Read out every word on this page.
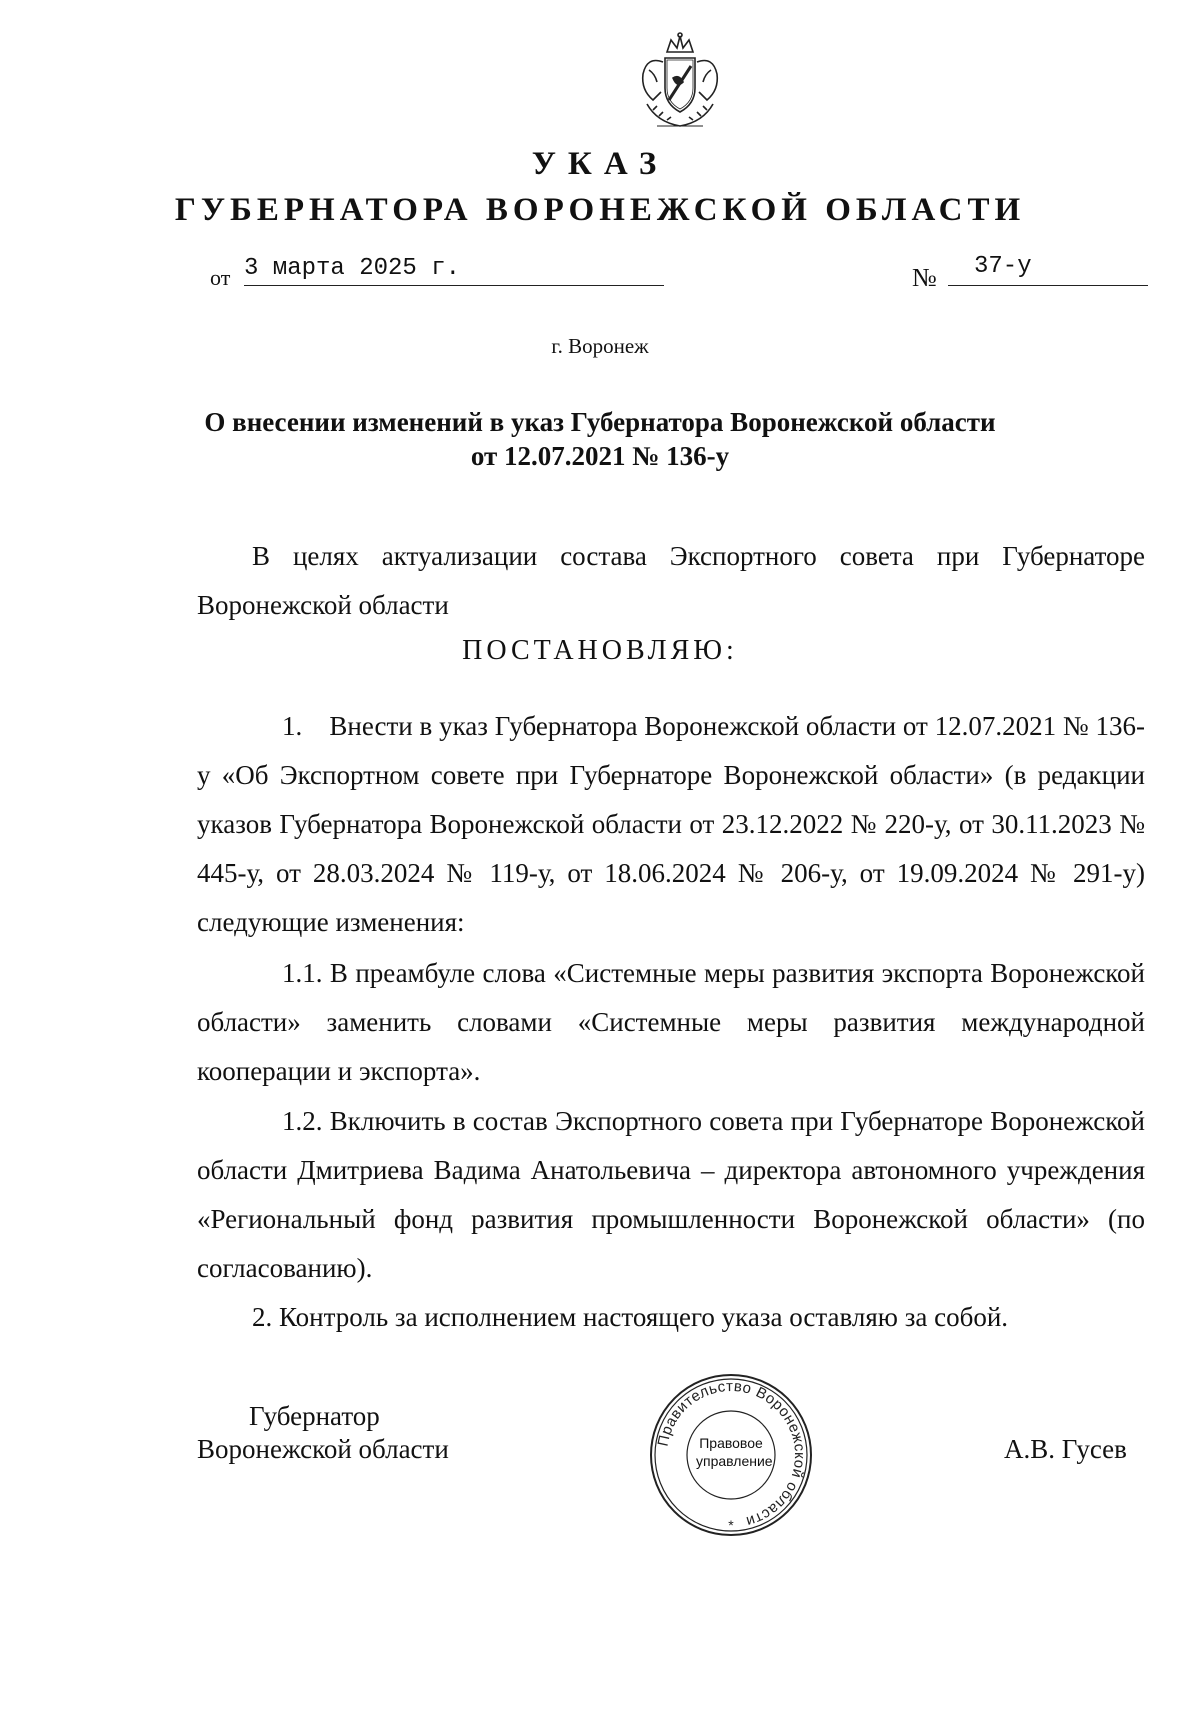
УКАЗ
ГУБЕРНАТОРА ВОРОНЕЖСКОЙ ОБЛАСТИ
от 3 марта 2025 г.	№ 37-у
г. Воронеж
О внесении изменений в указ Губернатора Воронежской области
от 12.07.2021 № 136-у
В целях актуализации состава Экспортного совета при Губернаторе Воронежской области
ПОСТАНОВЛЯЮ:
1.    Внести в указ Губернатора Воронежской области от 12.07.2021 № 136-у «Об Экспортном совете при Губернаторе Воронежской области» (в редакции указов Губернатора Воронежской области от 23.12.2022 № 220-у, от 30.11.2023 № 445-у, от 28.03.2024 № 119-у, от 18.06.2024 № 206-у, от 19.09.2024 № 291-у) следующие изменения:
1.1. В преамбуле слова «Системные меры развития экспорта Воронежской области» заменить словами «Системные меры развития международной кооперации и экспорта».
1.2. Включить в состав Экспортного совета при Губернаторе Воронежской области Дмитриева Вадима Анатольевича – директора автономного учреждения «Региональный фонд развития промышленности Воронежской области» (по согласованию).
2. Контроль за исполнением настоящего указа оставляю за собой.
Губернатор
Воронежской области	Правительство Воронежской области
*
Правовое
управление	А.В. Гусев
